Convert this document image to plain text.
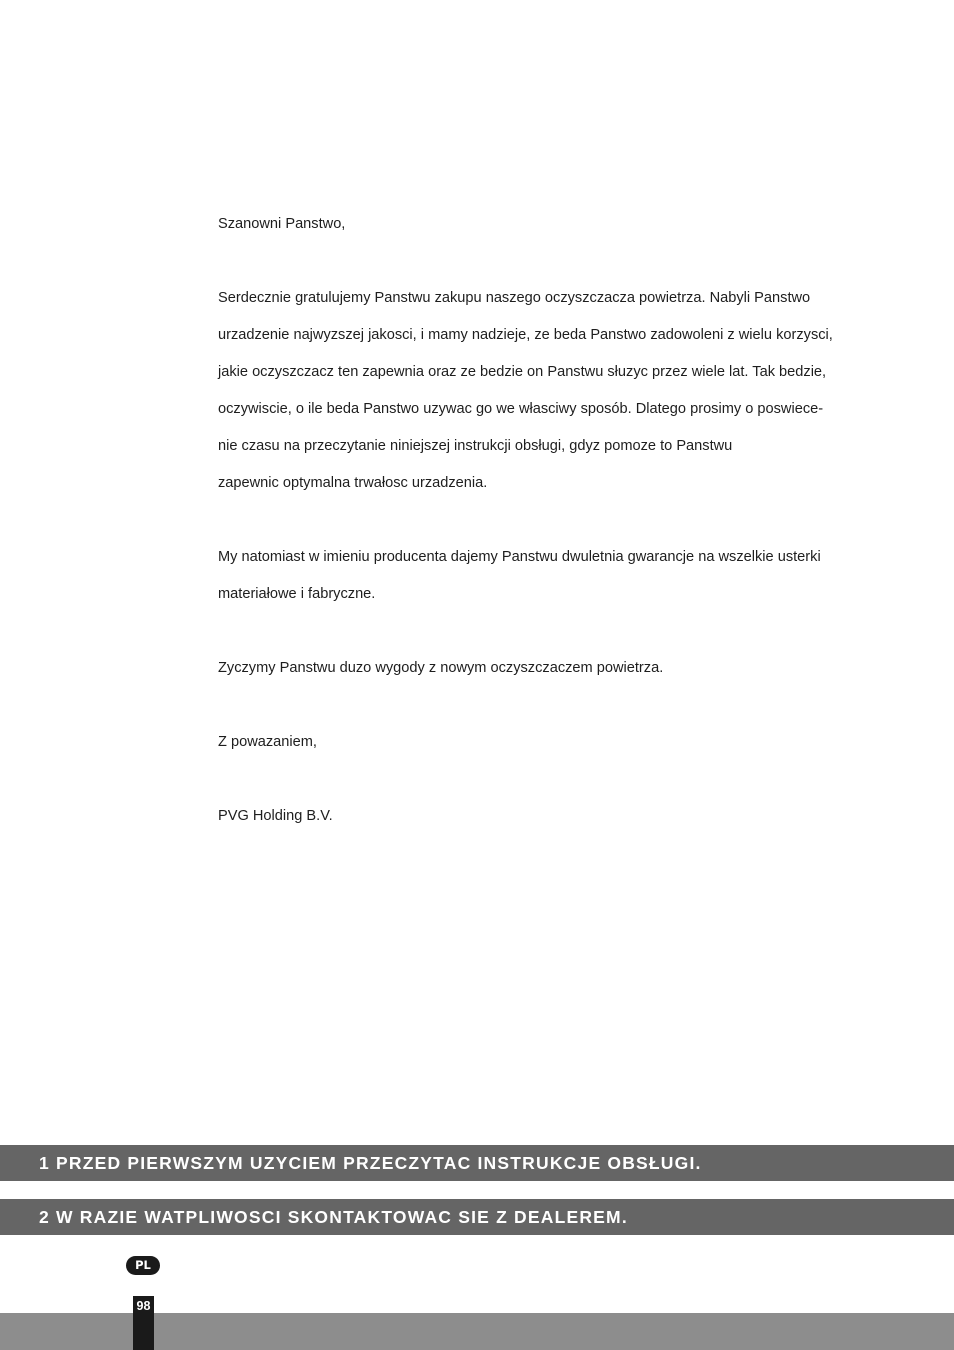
Szanowni Panstwo,
Serdecznie gratulujemy Panstwu zakupu naszego oczyszczacza powietrza. Nabyli Panstwo
urzadzenie najwyzszej jakosci, i mamy nadzieje, ze beda Panstwo zadowoleni z wielu korzysci,
jakie oczyszczacz ten zapewnia oraz ze bedzie on Panstwu słuzyc przez wiele lat. Tak bedzie,
oczywiscie, o ile beda Panstwo uzywac go we własciwy sposób. Dlatego prosimy o poswiece-
nie czasu na przeczytanie niniejszej instrukcji obsługi, gdyz pomoze to Panstwu
zapewnic optymalna trwałosc urzadzenia.
My natomiast w imieniu producenta dajemy Panstwu dwuletnia gwarancje na wszelkie usterki
materiałowe i fabryczne.
Zyczymy Panstwu duzo wygody z nowym oczyszczaczem powietrza.
Z powazaniem,
PVG Holding B.V.
1 PRZED PIERWSZYM UZYCIEM PRZECZYTAC INSTRUKCJE OBSŁUGI.
2 W RAZIE WATPLIWOSCI SKONTAKTOWAC SIE Z DEALEREM.
PL
98
